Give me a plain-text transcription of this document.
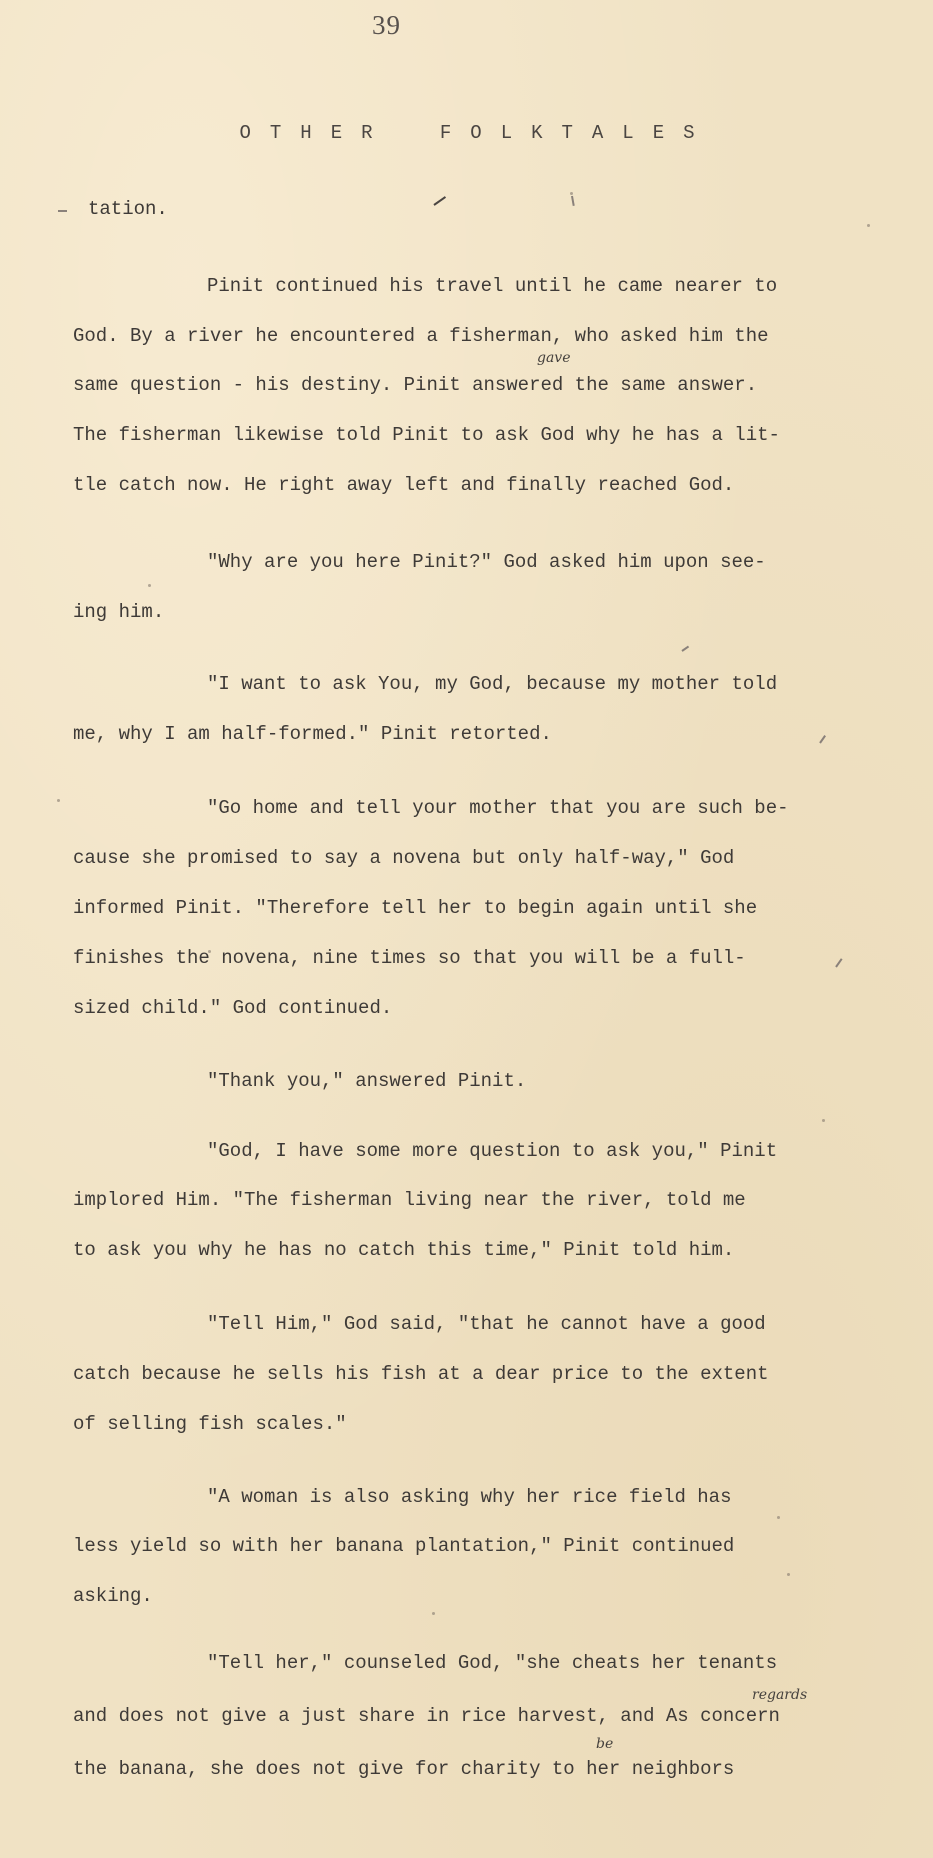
39
OTHER FOLKTALES
tation.
Pinit continued his travel until he came nearer to
God. By a river he encountered a fisherman, who asked him the
same question - his destiny. Pinit answered the same answer.
gave
The fisherman likewise told Pinit to ask God why he has a lit-
tle catch now. He right away left and finally reached God.
"Why are you here Pinit?" God asked him upon see-
ing him.
"I want to ask You, my God, because my mother told
me, why I am half-formed." Pinit retorted.
"Go home and tell your mother that you are such be-
cause she promised to say a novena but only half-way," God
informed Pinit. "Therefore tell her to begin again until she
finishes the novena, nine times so that you will be a full-
sized child." God continued.
"Thank you," answered Pinit.
"God, I have some more question to ask you," Pinit
implored Him. "The fisherman living near the river, told me
to ask you why he has no catch this time," Pinit told him.
"Tell Him," God said, "that he cannot have a good
catch because he sells his fish at a dear price to the extent
of selling fish scales."
"A woman is also asking why her rice field has
less yield so with her banana plantation," Pinit continued
asking.
"Tell her," counseled God, "she cheats her tenants
regards
and does not give a just share in rice harvest, and As concern
be
the banana, she does not give for charity to her neighbors
